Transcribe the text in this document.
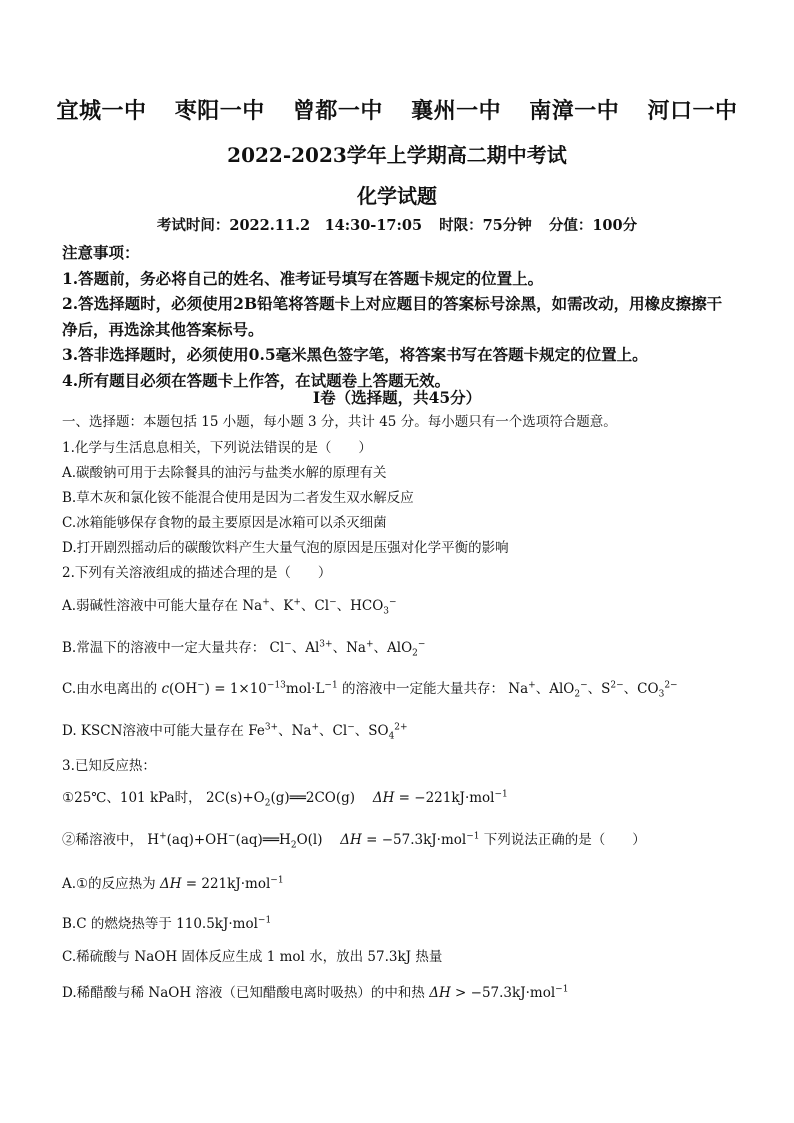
宜城一中 枣阳一中 曾都一中 襄州一中 南漳一中 河口一中
2022-2023学年上学期高二期中考试
化学试题
考试时间：2022.11.2　14:30-17:05 时限：75分钟 分值：100分
注意事项：
1.答题前，务必将自己的姓名、准考证号填写在答题卡规定的位置上。
2.答选择题时，必须使用2B铅笔将答题卡上对应题目的答案标号涂黑，如需改动，用橡皮擦擦干净后，再选涂其他答案标号。
3.答非选择题时，必须使用0.5毫米黑色签字笔，将答案书写在答题卡规定的位置上。
4.所有题目必须在答题卡上作答，在试题卷上答题无效。
Ⅰ卷（选择题，共45分）
一、选择题：本题包括 15 小题，每小题 3 分，共计 45 分。每小题只有一个选项符合题意。
1.化学与生活息息相关，下列说法错误的是（　　）
A.碳酸钠可用于去除餐具的油污与盐类水解的原理有关
B.草木灰和氯化铵不能混合使用是因为二者发生双水解反应
C.冰箱能够保存食物的最主要原因是冰箱可以杀灭细菌
D.打开剧烈摇动后的碳酸饮料产生大量气泡的原因是压强对化学平衡的影响
2.下列有关溶液组成的描述合理的是（　　）
A.弱碱性溶液中可能大量存在 Na+、K+、Cl−、$HCO_3^-$
B.常温下的溶液中一定大量共存： Cl−、$Al^{3+}$、Na+、AlO$_2$−
C.由水电离出的 $c(OH^-) = 1\times 10^{-13}mol\cdot L^{-1}$ 的溶液中一定能大量共存： Na+、AlO$_2$−、$S^{2-}$、$CO_3^{2-}$
D. KSCN溶液中可能大量存在 $Fe^{3+}$、Na+、Cl−、$SO_4^{2+}$
3.已知反应热：
①25℃、101 kPa时， $2C(s)+O_2(g)══2CO(g)$　 ΔH = −221kJ·mol$^{-1}$
②稀溶液中， $H^+(aq)+OH^-(aq)══H_2O(l)$　 ΔH = −57.3kJ·mol$^{-1}$ 下列说法正确的是（　　）
A.①的反应热为 ΔH = 221kJ·mol$^{-1}$
B.C 的燃烧热等于 110.5kJ·mol$^{-1}$
C.稀硫酸与 NaOH 固体反应生成 1 mol 水，放出 57.3kJ 热量
D.稀醋酸与稀 NaOH 溶液（已知醋酸电离时吸热）的中和热 ΔH > −57.3kJ·mol$^{-1}$
